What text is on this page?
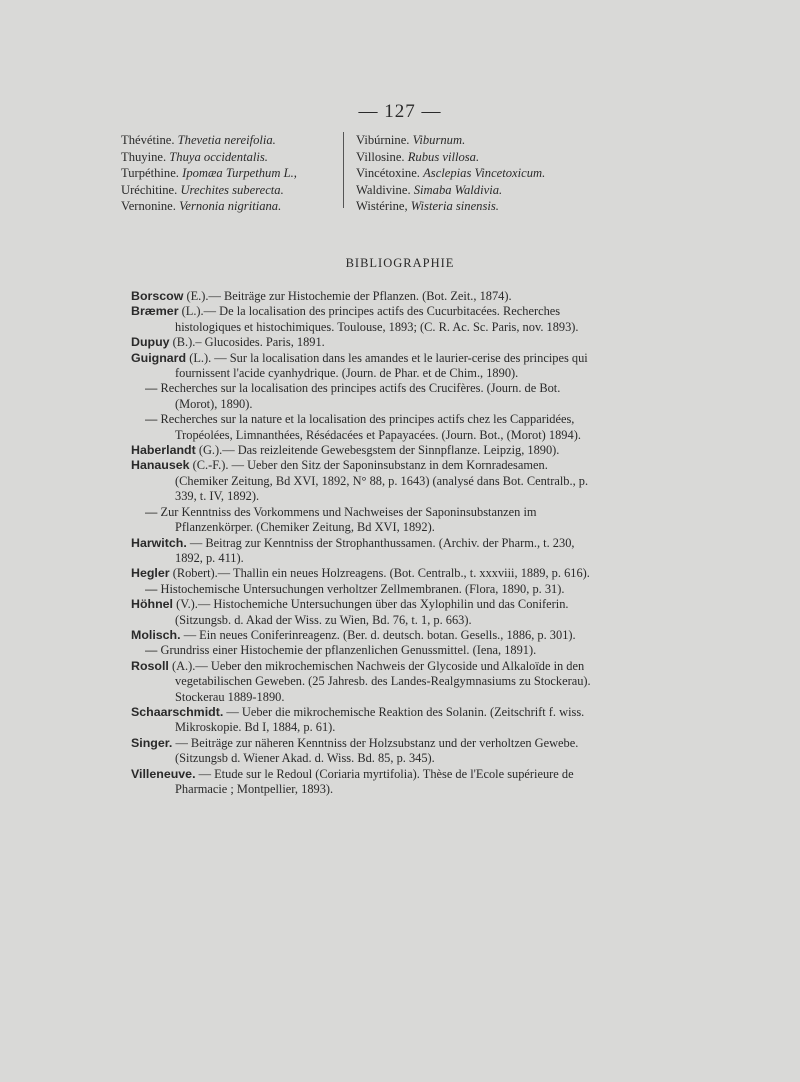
— 127 —
Thévétine. Thevetia nereifolia.
Thuyine. Thuya occidentalis.
Turpéthine. Ipomæa Turpethum L.,
Uréchitine. Urechites suberecta.
Vernonine. Vernonia nigritiana.
Vibúrnine. Viburnum.
Villosine. Rubus villosa.
Vincétoxine. Asclepias Vincetoxicum.
Waldivine. Simaba Waldivia.
Wistérine, Wisteria sinensis.
BIBLIOGRAPHIE

Borscow (E.).— Beiträge zur Histochemie der Pflanzen. (Bot. Zeit., 1874).

Bræmer (L.).— De la localisation des principes actifs des Cucurbitacées. Recherches histologiques et histochimiques. Toulouse, 1893; (C. R. Ac. Sc. Paris, nov. 1893).

Dupuy (B.).– Glucosides. Paris, 1891.

Guignard (L.). — Sur la localisation dans les amandes et le laurier-cerise des principes qui fournissent l'acide cyanhydrique. (Journ. de Phar. et de Chim., 1890).

— Recherches sur la localisation des principes actifs des Crucifères. (Journ. de Bot. (Morot), 1890).

— Recherches sur la nature et la localisation des principes actifs chez les Capparidées, Tropéolées, Limnanthées, Résédacées et Papayacées. (Journ. Bot., (Morot) 1894).

Haberlandt (G.).— Das reizleitende Gewebesgstem der Sinnpflanze. Leipzig, 1890).

Hanausek (C.-F.). — Ueber den Sitz der Saponinsubstanz in dem Kornradesamen. (Chemiker Zeitung, Bd XVI, 1892, N° 88, p. 1643) (analysé dans Bot. Centralb., p. 339, t. IV, 1892).

— Zur Kenntniss des Vorkommens und Nachweises der Saponinsubstanzen im Pflanzenkörper. (Chemiker Zeitung, Bd XVI, 1892).

Harwitch. — Beitrag zur Kenntniss der Strophanthussamen. (Archiv. der Pharm., t. 230, 1892, p. 411).

Hegler (Robert).— Thallin ein neues Holzreagens. (Bot. Centralb., t. xxxviii, 1889, p. 616).

— Histochemische Untersuchungen verholtzer Zellmembranen. (Flora, 1890, p. 31).

Höhnel (V.).— Histochemiche Untersuchungen über das Xylophilin und das Coniferin. (Sitzungsb. d. Akad der Wiss. zu Wien, Bd. 76, t. 1, p. 663).

Molisch. — Ein neues Coniferinreagenz. (Ber. d. deutsch. botan. Gesells., 1886, p. 301).

— Grundriss einer Histochemie der pflanzenlichen Genussmittel. (Iena, 1891).

Rosoll (A.).— Ueber den mikrochemischen Nachweis der Glycoside und Alkaloïde in den vegetabilischen Geweben. (25 Jahresb. des Landes-Realgymnasiums zu Stockerau). Stockerau 1889-1890.

Schaarschmidt. — Ueber die mikrochemische Reaktion des Solanin. (Zeitschrift f. wiss. Mikroskopie. Bd I, 1884, p. 61).

Singer. — Beiträge zur näheren Kenntniss der Holzsubstanz und der verholtzen Gewebe. (Sitzungsb d. Wiener Akad. d. Wiss. Bd. 85, p. 345).

Villeneuve. — Etude sur le Redoul (Coriaria myrtifolia). Thèse de l'Ecole supérieure de Pharmacie ; Montpellier, 1893).
